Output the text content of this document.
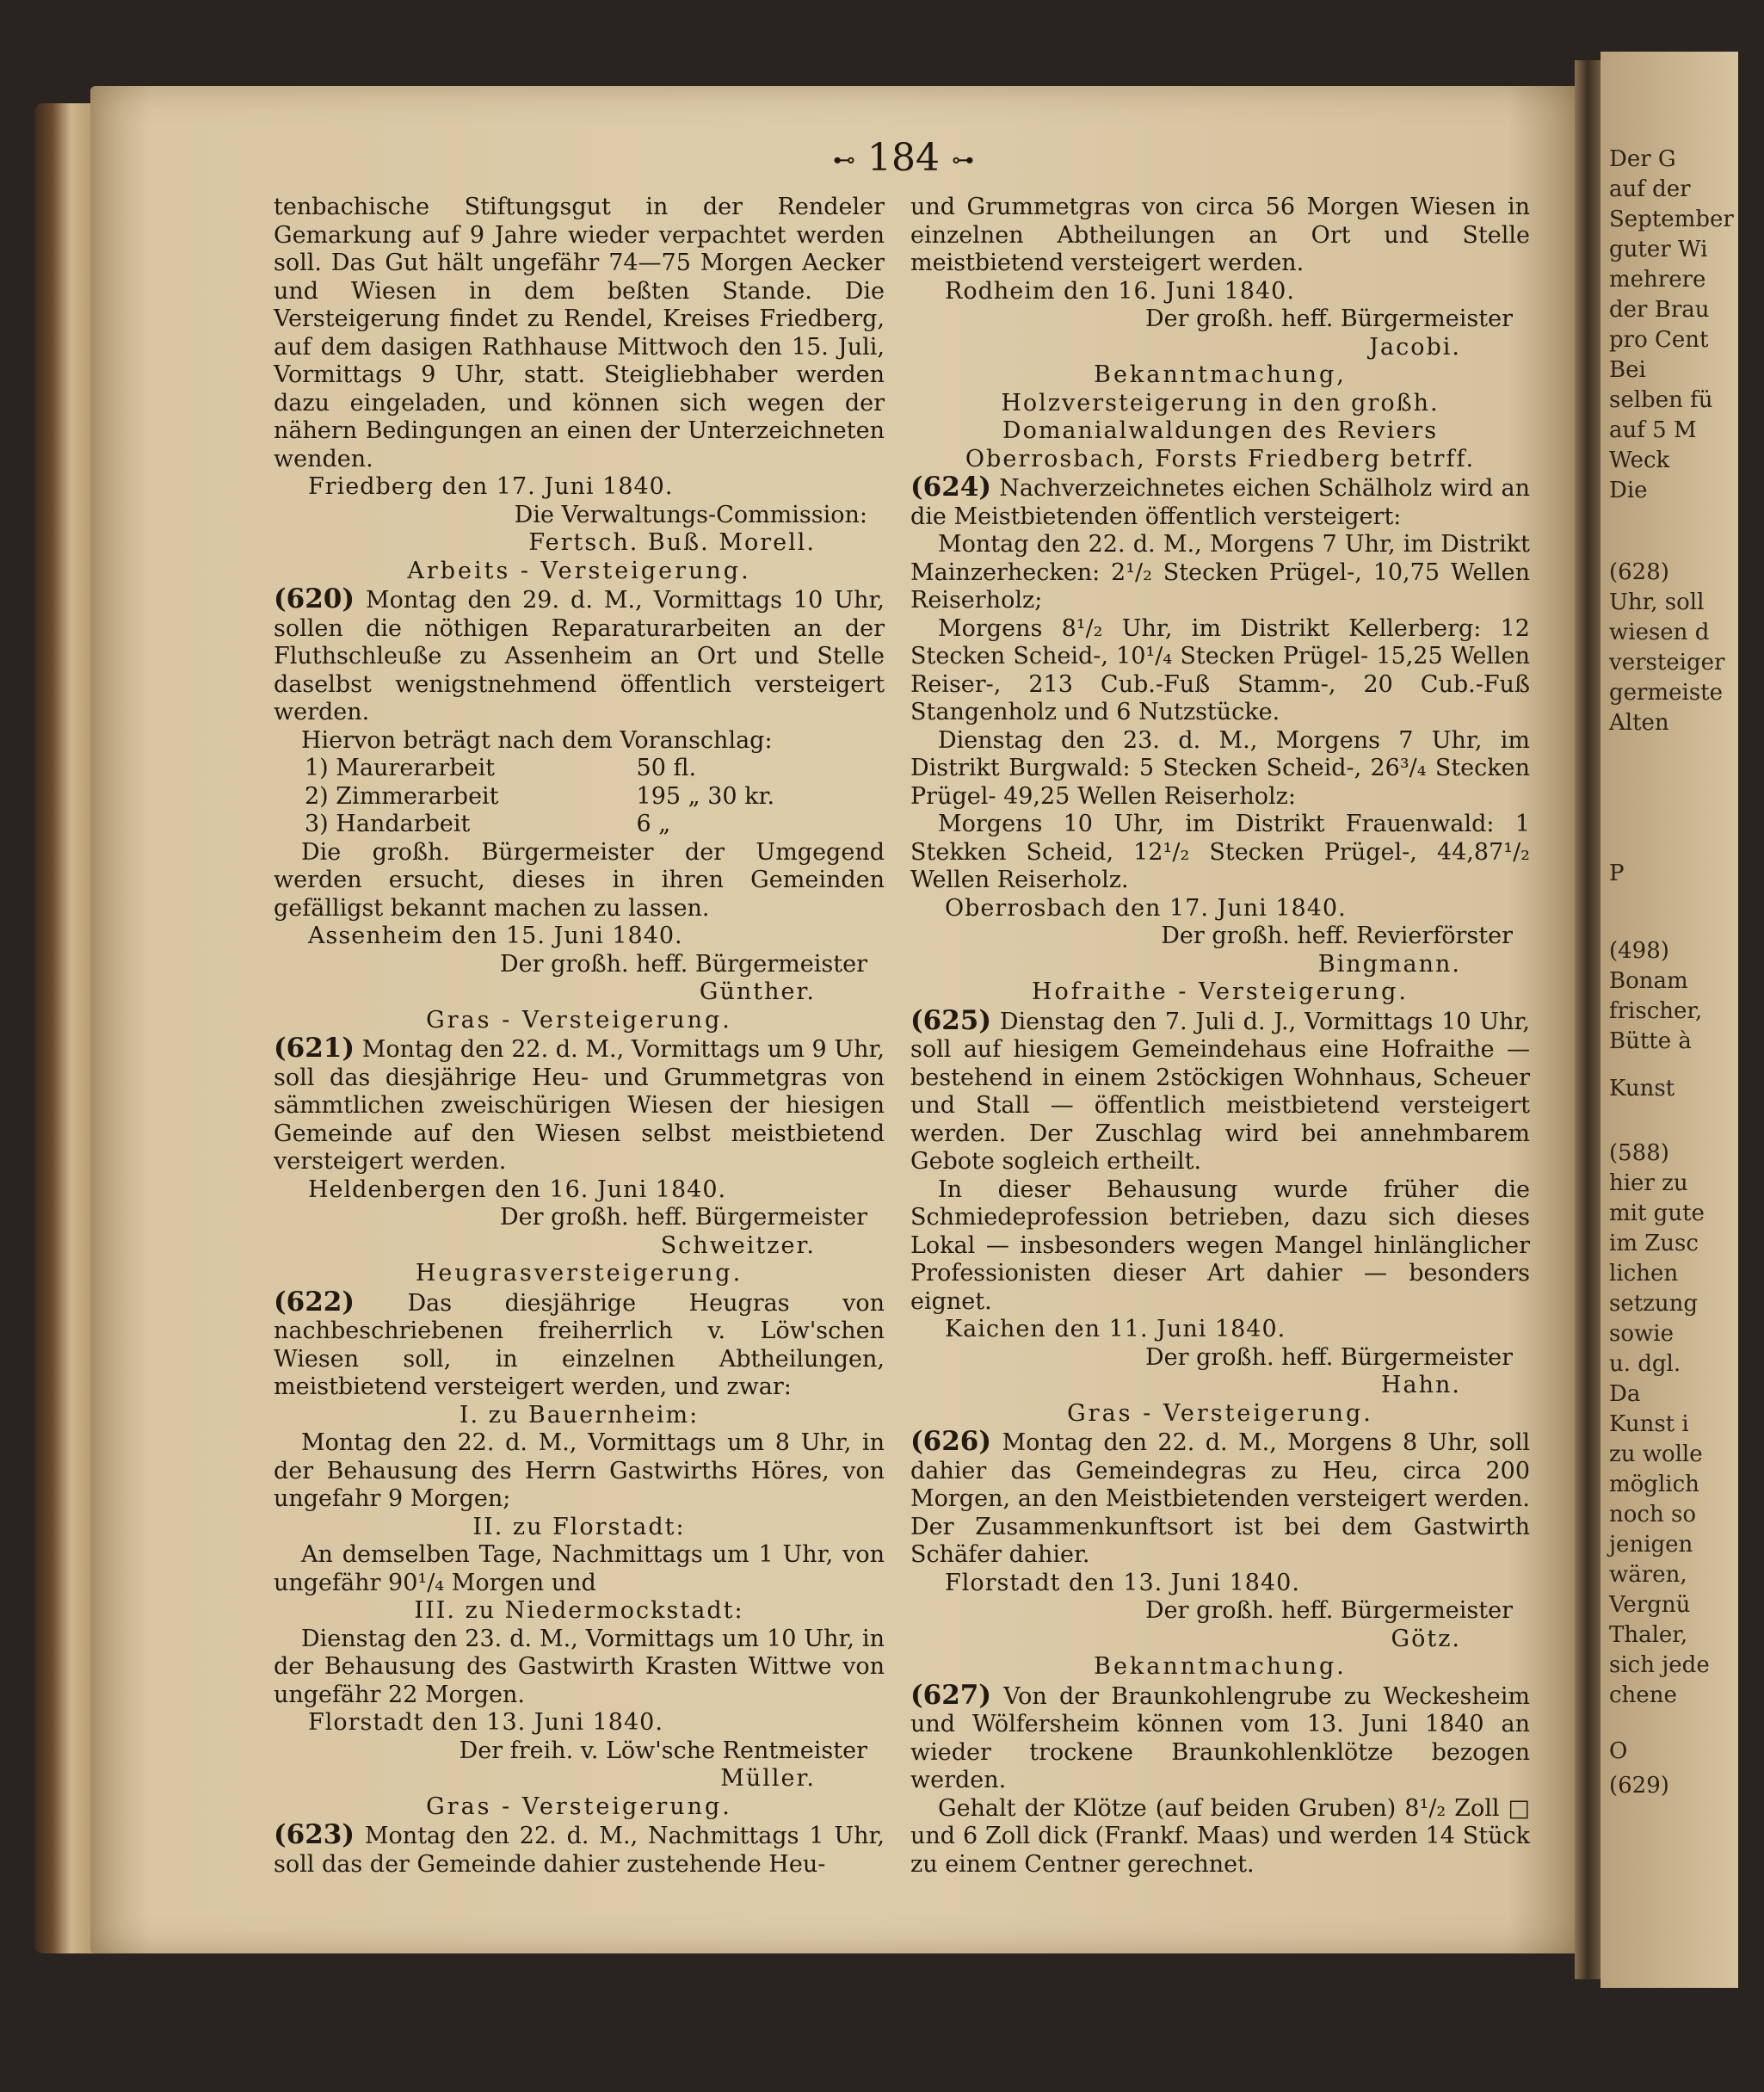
Der G
auf der
September
guter Wi
mehrere
der Brau
pro Cent
Bei
selben fü
auf 5 M
Weck
Die
(628)
Uhr, soll
wiesen d
versteiger
germeiste
Alten
P
(498)
Bonam
frischer,
Bütte à
Kunst
(588)
hier zu
mit gute
im Zusc
lichen
setzung
sowie
u. dgl.
Da
Kunst i
zu wolle
möglich
noch so
jenigen
wären,
Vergnü
Thaler,
sich jede
chene
O
(629)
⊷ 184 ⊶

tenbachische Stiftungsgut in der Rendeler Gemarkung auf 9 Jahre wieder verpachtet werden soll. Das Gut hält ungefähr 74—75 Morgen Aecker und Wiesen in dem beßten Stande. Die Versteigerung findet zu Rendel, Kreises Friedberg, auf dem dasigen Rathhause Mittwoch den 15. Juli, Vormittags 9 Uhr, statt. Steigliebhaber werden dazu eingeladen, und können sich wegen der nähern Bedingungen an einen der Unterzeichneten wenden.

Friedberg den 17. Juni 1840.

Die Verwaltungs-Commission:

Fertsch. Buß. Morell.

Arbeits - Versteigerung.

(620) Montag den 29. d. M., Vormittags 10 Uhr, sollen die nöthigen Reparaturarbeiten an der Fluthschleuße zu Assenheim an Ort und Stelle daselbst wenigstnehmend öffentlich versteigert werden.

Hiervon beträgt nach dem Voranschlag:

1) Maurerarbeit	50 fl.
2) Zimmerarbeit	195 „ 30 kr.
3) Handarbeit	6 „

Die großh. Bürgermeister der Umgegend werden ersucht, dieses in ihren Gemeinden gefälligst bekannt machen zu lassen.

Assenheim den 15. Juni 1840.

Der großh. heff. Bürgermeister

Günther.

Gras - Versteigerung.

(621) Montag den 22. d. M., Vormittags um 9 Uhr, soll das diesjährige Heu- und Grummetgras von sämmtlichen zweischürigen Wiesen der hiesigen Gemeinde auf den Wiesen selbst meistbietend versteigert werden.

Heldenbergen den 16. Juni 1840.

Der großh. heff. Bürgermeister

Schweitzer.

Heugrasversteigerung.

(622) Das diesjährige Heugras von nachbeschriebenen freiherrlich v. Löw'schen Wiesen soll, in einzelnen Abtheilungen, meistbietend versteigert werden, und zwar:

I. zu Bauernheim:

Montag den 22. d. M., Vormittags um 8 Uhr, in der Behausung des Herrn Gastwirths Höres, von ungefahr 9 Morgen;

II. zu Florstadt:

An demselben Tage, Nachmittags um 1 Uhr, von ungefähr 90¹/₄ Morgen und

III. zu Niedermockstadt:

Dienstag den 23. d. M., Vormittags um 10 Uhr, in der Behausung des Gastwirth Krasten Wittwe von ungefähr 22 Morgen.

Florstadt den 13. Juni 1840.

Der freih. v. Löw'sche Rentmeister

Müller.

Gras - Versteigerung.

(623) Montag den 22. d. M., Nachmittags 1 Uhr, soll das der Gemeinde dahier zustehende Heu-

und Grummetgras von circa 56 Morgen Wiesen in einzelnen Abtheilungen an Ort und Stelle meistbietend versteigert werden.

Rodheim den 16. Juni 1840.

Der großh. heff. Bürgermeister

Jacobi.

Bekanntmachung,

Holzversteigerung in den großh. Domanialwaldungen des Reviers Oberrosbach, Forsts Friedberg betrff.

(624) Nachverzeichnetes eichen Schälholz wird an die Meistbietenden öffentlich versteigert:

Montag den 22. d. M., Morgens 7 Uhr, im Distrikt Mainzerhecken: 2¹/₂ Stecken Prügel-, 10,75 Wellen Reiserholz;

Morgens 8¹/₂ Uhr, im Distrikt Kellerberg: 12 Stecken Scheid-, 10¹/₄ Stecken Prügel- 15,25 Wellen Reiser-, 213 Cub.-Fuß Stamm-, 20 Cub.-Fuß Stangenholz und 6 Nutzstücke.

Dienstag den 23. d. M., Morgens 7 Uhr, im Distrikt Burgwald: 5 Stecken Scheid-, 26³/₄ Stecken Prügel- 49,25 Wellen Reiserholz:

Morgens 10 Uhr, im Distrikt Frauenwald: 1 Stekken Scheid, 12¹/₂ Stecken Prügel-, 44,87¹/₂ Wellen Reiserholz.

Oberrosbach den 17. Juni 1840.

Der großh. heff. Revierförster

Bingmann.

Hofraithe - Versteigerung.

(625) Dienstag den 7. Juli d. J., Vormittags 10 Uhr, soll auf hiesigem Gemeindehaus eine Hofraithe — bestehend in einem 2stöckigen Wohnhaus, Scheuer und Stall — öffentlich meistbietend versteigert werden. Der Zuschlag wird bei annehmbarem Gebote sogleich ertheilt.

In dieser Behausung wurde früher die Schmiedeprofession betrieben, dazu sich dieses Lokal — insbesonders wegen Mangel hinlänglicher Professionisten dieser Art dahier — besonders eignet.

Kaichen den 11. Juni 1840.

Der großh. heff. Bürgermeister

Hahn.

Gras - Versteigerung.

(626) Montag den 22. d. M., Morgens 8 Uhr, soll dahier das Gemeindegras zu Heu, circa 200 Morgen, an den Meistbietenden versteigert werden. Der Zusammenkunftsort ist bei dem Gastwirth Schäfer dahier.

Florstadt den 13. Juni 1840.

Der großh. heff. Bürgermeister

Götz.

Bekanntmachung.

(627) Von der Braunkohlengrube zu Weckesheim und Wölfersheim können vom 13. Juni 1840 an wieder trockene Braunkohlenklötze bezogen werden.

Gehalt der Klötze (auf beiden Gruben) 8¹/₂ Zoll □ und 6 Zoll dick (Frankf. Maas) und werden 14 Stück zu einem Centner gerechnet.
